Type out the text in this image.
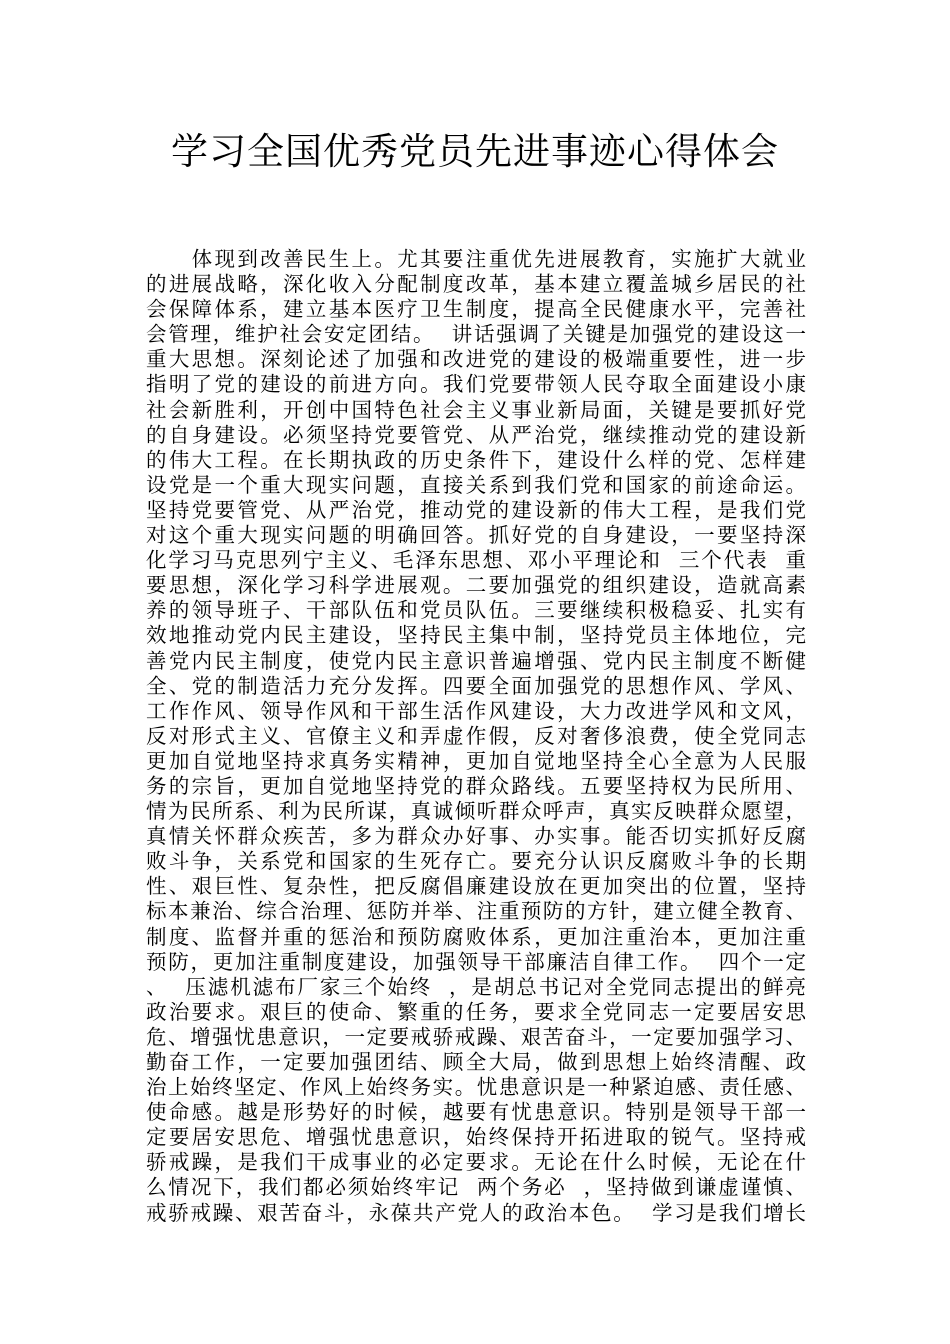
学习全国优秀党员先进事迹心得体会
　　体现到改善民生上。尤其要注重优先进展教育，实施扩大就业
的进展战略，深化收入分配制度改革，基本建立覆盖城乡居民的社
会保障体系，建立基本医疗卫生制度，提高全民健康水平，完善社
会管理，维护社会安定团结。  讲话强调了关键是加强党的建设这一
重大思想。深刻论述了加强和改进党的建设的极端重要性，进一步
指明了党的建设的前进方向。我们党要带领人民夺取全面建设小康
社会新胜利，开创中国特色社会主义事业新局面，关键是要抓好党
的自身建设。必须坚持党要管党、从严治党，继续推动党的建设新
的伟大工程。在长期执政的历史条件下，建设什么样的党、怎样建
设党是一个重大现实问题，直接关系到我们党和国家的前途命运。
坚持党要管党、从严治党，推动党的建设新的伟大工程，是我们党
对这个重大现实问题的明确回答。抓好党的自身建设，一要坚持深
化学习马克思列宁主义、毛泽东思想、邓小平理论和  三个代表  重
要思想，深化学习科学进展观。二要加强党的组织建设，造就高素
养的领导班子、干部队伍和党员队伍。三要继续积极稳妥、扎实有
效地推动党内民主建设，坚持民主集中制，坚持党员主体地位，完
善党内民主制度，使党内民主意识普遍增强、党内民主制度不断健
全、党的制造活力充分发挥。四要全面加强党的思想作风、学风、
工作作风、领导作风和干部生活作风建设，大力改进学风和文风，
反对形式主义、官僚主义和弄虚作假，反对奢侈浪费，使全党同志
更加自觉地坚持求真务实精神，更加自觉地坚持全心全意为人民服
务的宗旨，更加自觉地坚持党的群众路线。五要坚持权为民所用、
情为民所系、利为民所谋，真诚倾听群众呼声，真实反映群众愿望，
真情关怀群众疾苦，多为群众办好事、办实事。能否切实抓好反腐
败斗争，关系党和国家的生死存亡。要充分认识反腐败斗争的长期
性、艰巨性、复杂性，把反腐倡廉建设放在更加突出的位置，坚持
标本兼治、综合治理、惩防并举、注重预防的方针，建立健全教育、
制度、监督并重的惩治和预防腐败体系，更加注重治本，更加注重
预防，更加注重制度建设，加强领导干部廉洁自律工作。  四个一定
、  压滤机滤布厂家三个始终  ，是胡总书记对全党同志提出的鲜亮
政治要求。艰巨的使命、繁重的任务，要求全党同志一定要居安思
危、增强忧患意识，一定要戒骄戒躁、艰苦奋斗，一定要加强学习、
勤奋工作，一定要加强团结、顾全大局，做到思想上始终清醒、政
治上始终坚定、作风上始终务实。忧患意识是一种紧迫感、责任感、
使命感。越是形势好的时候，越要有忧患意识。特别是领导干部一
定要居安思危、增强忧患意识，始终保持开拓进取的锐气。坚持戒
骄戒躁，是我们干成事业的必定要求。无论在什么时候，无论在什
么情况下，我们都必须始终牢记  两个务必  ，坚持做到谦虚谨慎、
戒骄戒躁、艰苦奋斗，永葆共产党人的政治本色。  学习是我们增长
